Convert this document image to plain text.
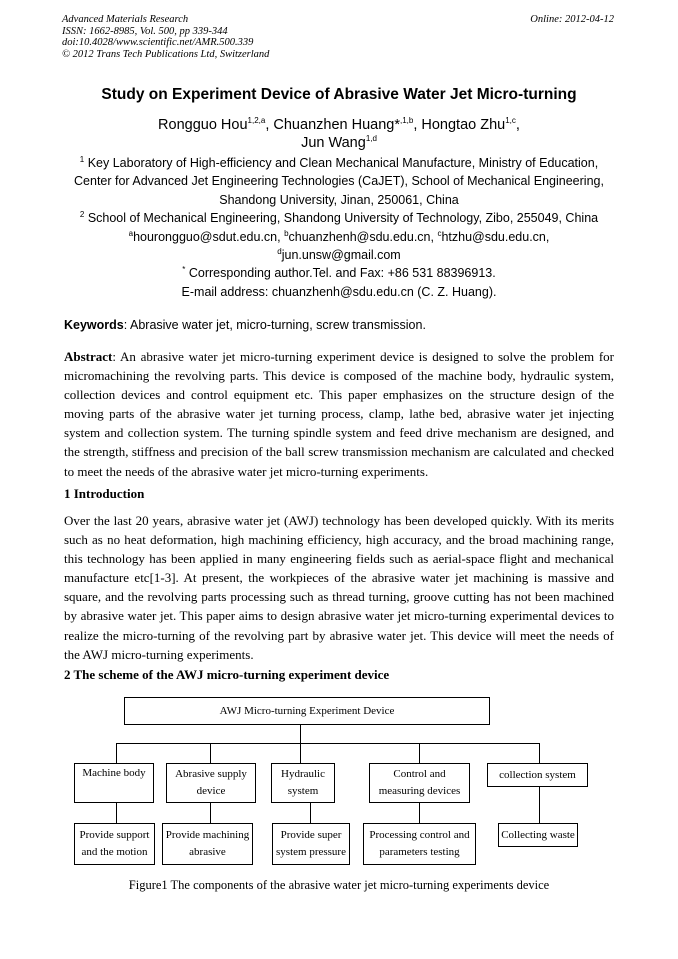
Advanced Materials Research
ISSN: 1662-8985, Vol. 500, pp 339-344
doi:10.4028/www.scientific.net/AMR.500.339
© 2012 Trans Tech Publications Ltd, Switzerland
Online: 2012-04-12
Study on Experiment Device of Abrasive Water Jet Micro-turning
Rongguo Hou$^{1,2,a}$, Chuanzhen Huang*$^{,1,b}$, Hongtao Zhu$^{1,c}$,
Jun Wang$^{1,d}$
$^1$ Key Laboratory of High-efficiency and Clean Mechanical Manufacture, Ministry of Education,
Center for Advanced Jet Engineering Technologies (CaJET), School of Mechanical Engineering,
Shandong University, Jinan, 250061, China
$^2$ School of Mechanical Engineering, Shandong University of Technology, Zibo, 255049, China
$^a$hourongguo@sdut.edu.cn, $^b$chuanzhenh@sdu.edu.cn, $^c$htzhu@sdu.edu.cn,
$^d$jun.unsw@gmail.com
* Corresponding author.Tel. and Fax: +86 531 88396913.
E-mail address: chuanzhenh@sdu.edu.cn (C. Z. Huang).
Keywords: Abrasive water jet, micro-turning, screw transmission.
Abstract: An abrasive water jet micro-turning experiment device is designed to solve the problem for micromachining the revolving parts. This device is composed of the machine body, hydraulic system, collection devices and control equipment etc. This paper emphasizes on the structure design of the moving parts of the abrasive water jet turning process, clamp, lathe bed, abrasive water jet injecting system and collection system. The turning spindle system and feed drive mechanism are designed, and the strength, stiffness and precision of the ball screw transmission mechanism are calculated and checked to meet the needs of the abrasive water jet micro-turning experiments.
1 Introduction
Over the last 20 years, abrasive water jet (AWJ) technology has been developed quickly. With its merits such as no heat deformation, high machining efficiency, high accuracy, and the broad machining range, this technology has been applied in many engineering fields such as aerial-space flight and mechanical manufacture etc[1-3]. At present, the workpieces of the abrasive water jet machining is massive and square, and the revolving parts processing such as thread turning, groove cutting has not been machined by abrasive water jet. This paper aims to design abrasive water jet micro-turning experimental devices to realize the micro-turning of the revolving part by abrasive water jet. This device will meet the needs of the AWJ micro-turning experiments.
2 The scheme of the AWJ micro-turning experiment device
AWJ Micro-turning Experiment Device
Machine body	Abrasive supply device
Hydraulic system
Control and measuring devices
collection system
Provide support and the motion
Provide machining abrasive
Provide super system pressure
Processing control and parameters testing
Collecting waste
Figure1 The components of the abrasive water jet micro-turning experiments device
